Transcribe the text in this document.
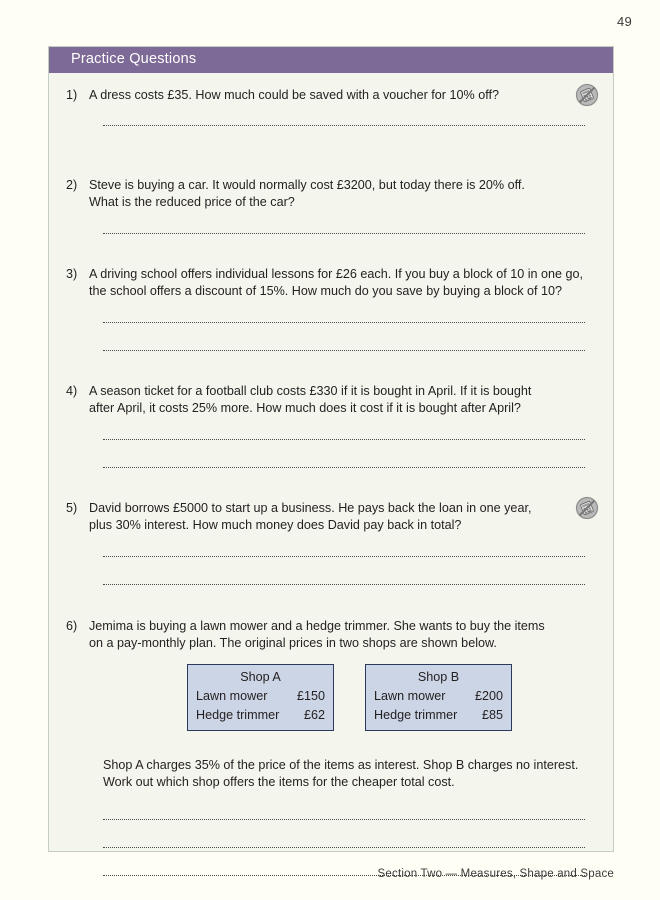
49
Practice Questions
1) A dress costs £35. How much could be saved with a voucher for 10% off?
2) Steve is buying a car. It would normally cost £3200, but today there is 20% off.
What is the reduced price of the car?
3) A driving school offers individual lessons for £26 each. If you buy a block of 10 in one go,
the school offers a discount of 15%. How much do you save by buying a block of 10?
4) A season ticket for a football club costs £330 if it is bought in April. If it is bought
after April, it costs 25% more. How much does it cost if it is bought after April?
5) David borrows £5000 to start up a business. He pays back the loan in one year,
plus 30% interest. How much money does David pay back in total?
6) Jemima is buying a lawn mower and a hedge trimmer. She wants to buy the items
on a pay-monthly plan. The original prices in two shops are shown below.
Shop A
Lawn mower	£150
Hedge trimmer	£62
Shop B
Lawn mower	£200
Hedge trimmer	£85
Shop A charges 35% of the price of the items as interest. Shop B charges no interest. Work out which shop offers the items for the cheaper total cost.
Section Two — Measures, Shape and Space
